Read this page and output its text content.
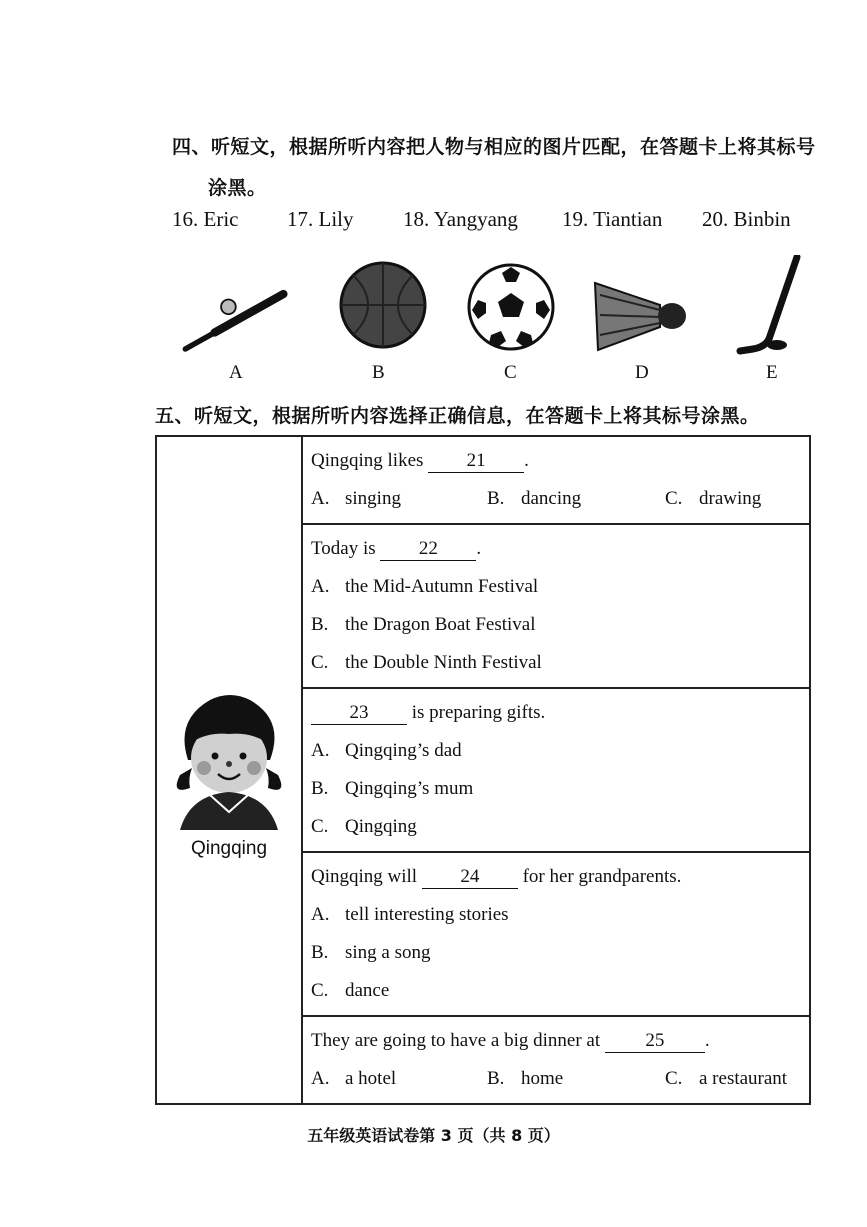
四、听短文，根据所听内容把人物与相应的图片匹配，在答题卡上将其标号
涂黑。
16. Eric 17. Lily 18. Yangyang 19. Tiantian 20. Binbin
A	B	C	D	E
五、听短文，根据所听内容选择正确信息，在答题卡上将其标号涂黑。
Qingqing

Qingqing likes 21 .
A. singing	B. dancing	C. drawing

Today is 22 .
A. the Mid-Autumn Festival
B. the Dragon Boat Festival
C. the Double Ninth Festival

23 is preparing gifts.
A. Qingqing’s dad
B. Qingqing’s mum
C. Qingqing

Qingqing will 24 for her grandparents.
A. tell interesting stories
B. sing a song
C. dance

They are going to have a big dinner at 25 .
A. a hotel	B. home	C. a restaurant
五年级英语试卷第 3 页（共 8 页）
